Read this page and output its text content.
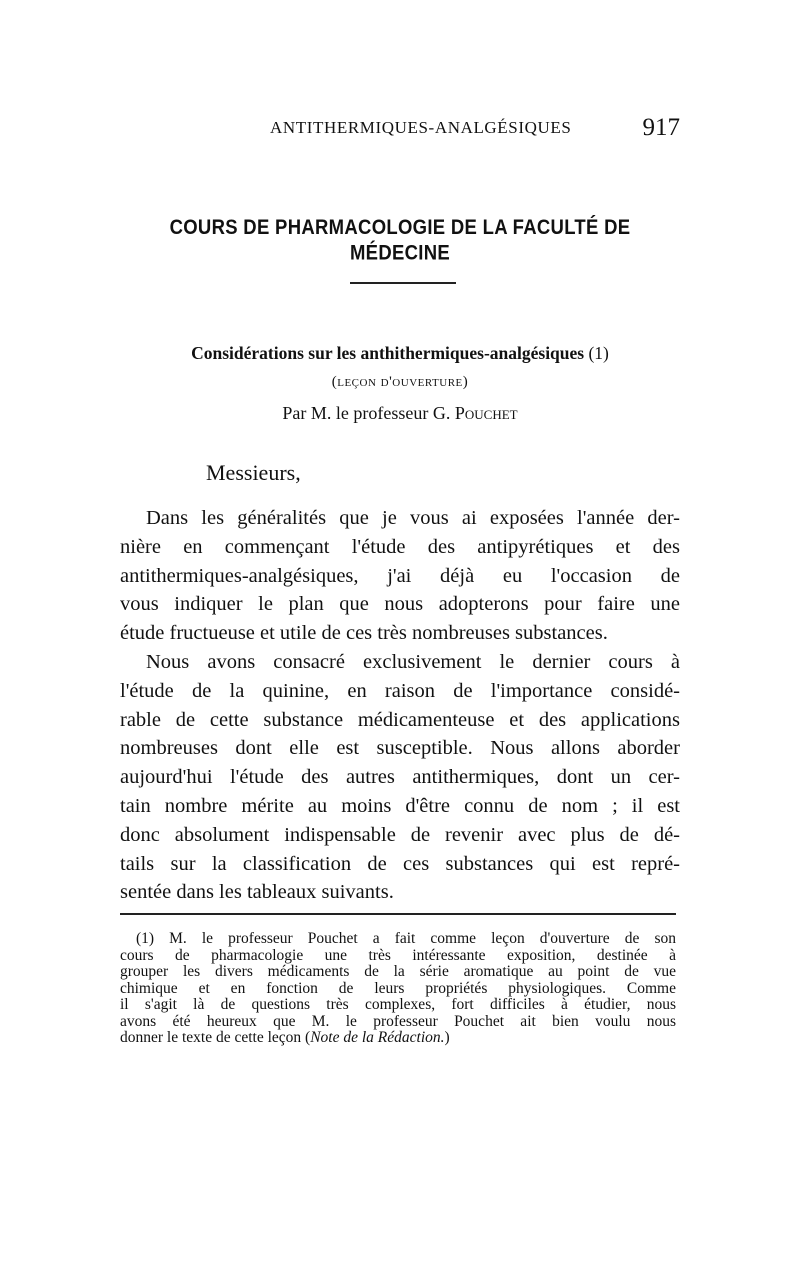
ANTITHERMIQUES-ANALGÉSIQUES	917
COURS DE PHARMACOLOGIE DE LA FACULTÉ DE MÉDECINE
Considérations sur les anthithermiques-analgésiques (1)
(leçon d'ouverture)
Par M. le professeur G. Pouchet
Messieurs,
Dans les généralités que je vous ai exposées l'année der-
nière en commençant l'étude des antipyrétiques et des
antithermiques-analgésiques, j'ai déjà eu l'occasion de
vous indiquer le plan que nous adopterons pour faire une
étude fructueuse et utile de ces très nombreuses substances.
Nous avons consacré exclusivement le dernier cours à
l'étude de la quinine, en raison de l'importance considé-
rable de cette substance médicamenteuse et des applications
nombreuses dont elle est susceptible. Nous allons aborder
aujourd'hui l'étude des autres antithermiques, dont un cer-
tain nombre mérite au moins d'être connu de nom ; il est
donc absolument indispensable de revenir avec plus de dé-
tails sur la classification de ces substances qui est repré-
sentée dans les tableaux suivants.
(1) M. le professeur Pouchet a fait comme leçon d'ouverture de son
cours de pharmacologie une très intéressante exposition, destinée à
grouper les divers médicaments de la série aromatique au point de vue
chimique et en fonction de leurs propriétés physiologiques. Comme
il s'agit là de questions très complexes, fort difficiles à étudier, nous
avons été heureux que M. le professeur Pouchet ait bien voulu nous
donner le texte de cette leçon (Note de la Rédaction.)
